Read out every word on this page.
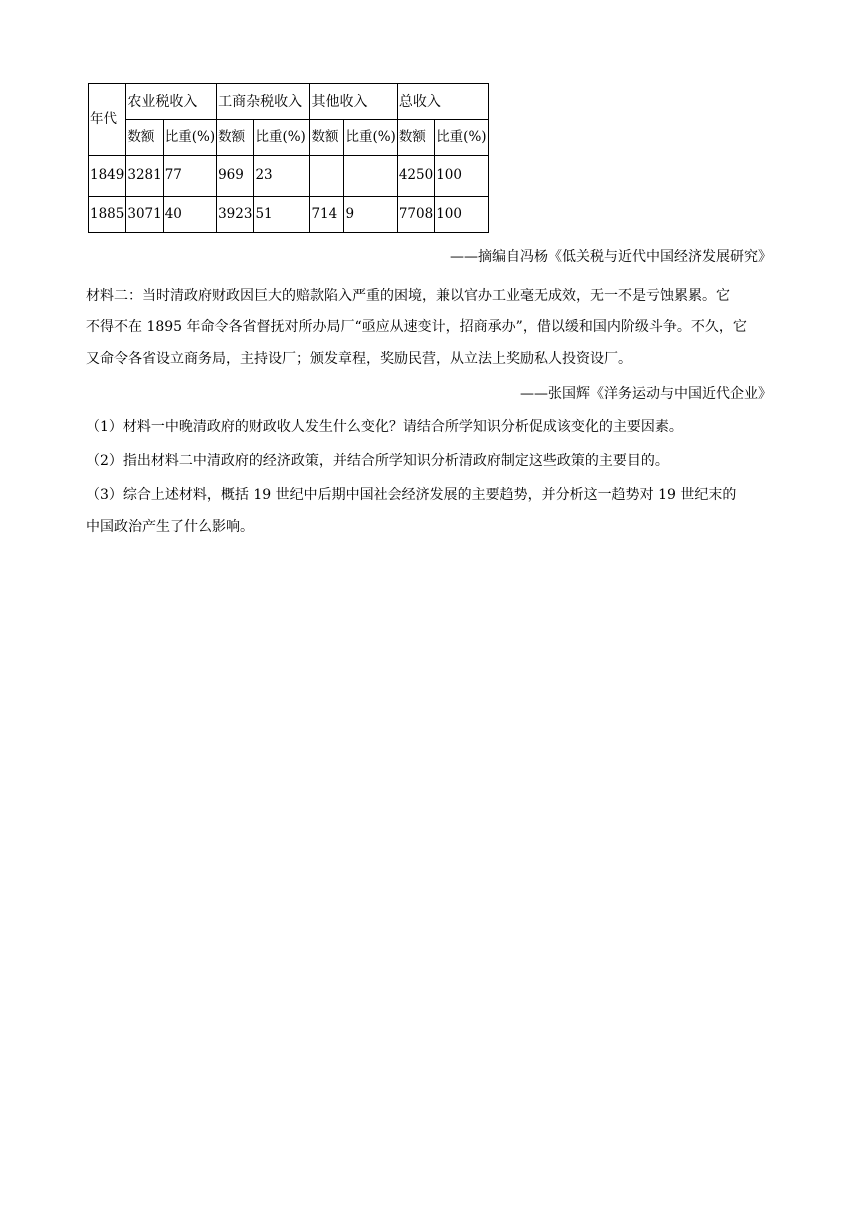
年代	农业税收入		工商杂税收入		其他收入		总收入	
	数额	比重(%)	数额	比重(%)	数额	比重(%)	数额	比重(%)
1849	3281	77	969	23			4250	100
1885	3071	40	3923	51	714	9	7708	100
——摘编自冯杨《低关税与近代中国经济发展研究》
材料二：当时清政府财政因巨大的赔款陷入严重的困境，兼以官办工业毫无成效，无一不是亏蚀累累。它
不得不在 1895 年命令各省督抚对所办局厂“亟应从速变计，招商承办”，借以缓和国内阶级斗争。不久，它
又命令各省设立商务局，主持设厂；颁发章程，奖励民营，从立法上奖励私人投资设厂。
——张国辉《洋务运动与中国近代企业》
（1）材料一中晚清政府的财政收人发生什么变化？请结合所学知识分析促成该变化的主要因素。
（2）指出材料二中清政府的经济政策，并结合所学知识分析清政府制定这些政策的主要目的。
（3）综合上述材料，概括 19 世纪中后期中国社会经济发展的主要趋势，并分析这一趋势对 19 世纪末的
中国政治产生了什么影响。
